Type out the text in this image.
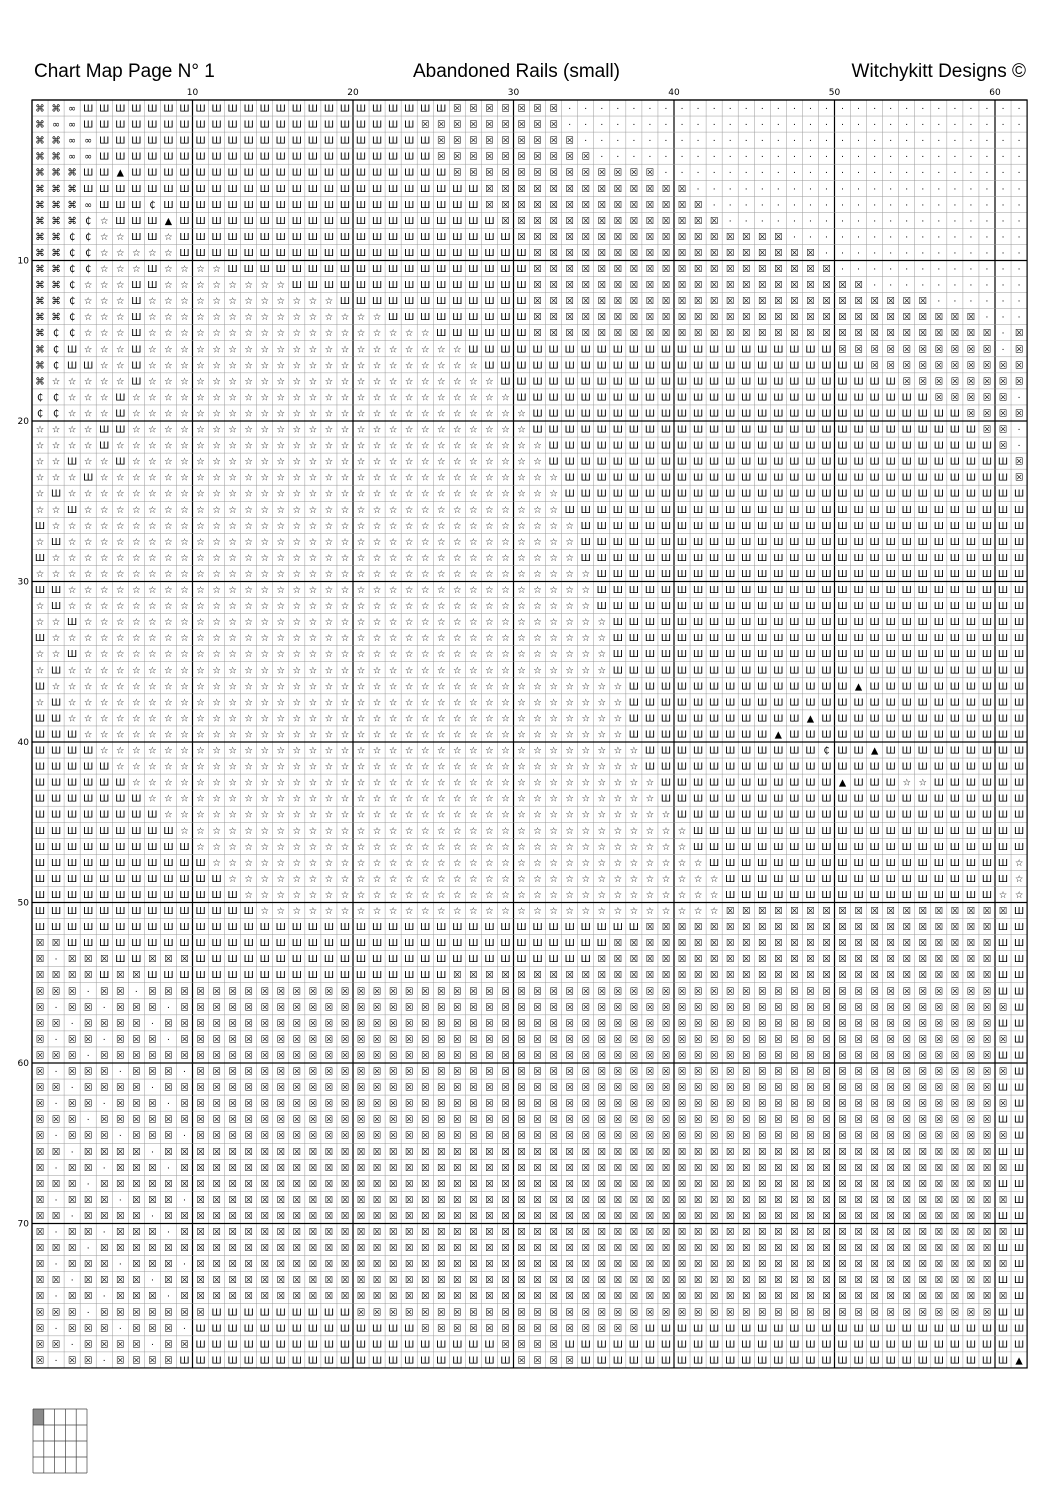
Chart Map Page N° 1	Abandoned Rails (small)	Witchykitt Designs ©
10	20	30	40	50	60
10
20
30
40
50
60
70
⌘ ⌘ ∞ Ш Ш Ш Ш Ш Ш Ш Ш Ш Ш Ш Ш Ш Ш Ш Ш Ш Ш Ш Ш Ш Ш Ш ☒ ☒ ☒ ☒ ☒ ☒ ☒ · · · · · · · · · · · · · · · · · · · · · · · · · · · · ·
⌘ ∞ ∞ Ш Ш Ш Ш Ш Ш Ш Ш Ш Ш Ш Ш Ш Ш Ш Ш Ш Ш Ш Ш Ш ☒ ☒ ☒ ☒ ☒ ☒ ☒ ☒ ☒ · · · · · · · · · · · · · · · · · · · · · · · · · · · · ·
⌘ ⌘ ∞ ∞ Ш Ш Ш Ш Ш Ш Ш Ш Ш Ш Ш Ш Ш Ш Ш Ш Ш Ш Ш Ш Ш ☒ ☒ ☒ ☒ ☒ ☒ ☒ ☒ ☒ · · · · · · · · · · · · · · · · · · · · · · · · · · · ·
⌘ ⌘ ∞ ∞ Ш Ш Ш Ш Ш Ш Ш Ш Ш Ш Ш Ш Ш Ш Ш Ш Ш Ш Ш Ш Ш ☒ ☒ ☒ ☒ ☒ ☒ ☒ ☒ ☒ ☒ · · · · · · · · · · · · · · · · · · · · · · · · · · ·
⌘ ⌘ ⌘ Ш Ш ▲ Ш Ш Ш Ш Ш Ш Ш Ш Ш Ш Ш Ш Ш Ш Ш Ш Ш Ш Ш Ш ☒ ☒ ☒ ☒ ☒ ☒ ☒ ☒ ☒ ☒ ☒ ☒ ☒ · · · · · · · · · · · · · · · · · · · · · · ·
⌘ ⌘ ⌘ Ш Ш Ш Ш Ш Ш Ш Ш Ш Ш Ш Ш Ш Ш Ш Ш Ш Ш Ш Ш Ш Ш Ш Ш Ш ☒ ☒ ☒ ☒ ☒ ☒ ☒ ☒ ☒ ☒ ☒ ☒ ☒ · · · · · · · · · · · · · · · · · · · · ·
⌘ ⌘ ⌘ ∞ Ш Ш Ш ₵ Ш Ш Ш Ш Ш Ш Ш Ш Ш Ш Ш Ш Ш Ш Ш Ш Ш Ш Ш Ш ☒ ☒ ☒ ☒ ☒ ☒ ☒ ☒ ☒ ☒ ☒ ☒ ☒ ☒ · · · · · · · · · · · · · · · · · · · ·
⌘ ⌘ ⌘ ₵ ☆ Ш Ш Ш ▲ Ш Ш Ш Ш Ш Ш Ш Ш Ш Ш Ш Ш Ш Ш Ш Ш Ш Ш Ш Ш ☒ ☒ ☒ ☒ ☒ ☒ ☒ ☒ ☒ ☒ ☒ ☒ ☒ ☒ · · · · · · · · · · · · · · · · · · ·
⌘ ⌘ ₵ ₵ ☆ ☆ Ш Ш ☆ Ш Ш Ш Ш Ш Ш Ш Ш Ш Ш Ш Ш Ш Ш Ш Ш Ш Ш Ш Ш Ш ☒ ☒ ☒ ☒ ☒ ☒ ☒ ☒ ☒ ☒ ☒ ☒ ☒ ☒ ☒ ☒ ☒ · · · · · · · · · · · · · · ·
⌘ ⌘ ₵ ₵ ☆ ☆ ☆ ☆ ☆ Ш Ш Ш Ш Ш Ш Ш Ш Ш Ш Ш Ш Ш Ш Ш Ш Ш Ш Ш Ш Ш Ш ☒ ☒ ☒ ☒ ☒ ☒ ☒ ☒ ☒ ☒ ☒ ☒ ☒ ☒ ☒ ☒ ☒ ☒ · · · · · · · · · · · · ·
⌘ ⌘ ₵ ₵ ☆ ☆ ☆ Ш ☆ ☆ ☆ ☆ Ш Ш Ш Ш Ш Ш Ш Ш Ш Ш Ш Ш Ш Ш Ш Ш Ш Ш Ш ☒ ☒ ☒ ☒ ☒ ☒ ☒ ☒ ☒ ☒ ☒ ☒ ☒ ☒ ☒ ☒ ☒ ☒ ☒ · · · · · · · · · · · ·
⌘ ⌘ ₵ ☆ ☆ ☆ Ш Ш ☆ ☆ ☆ ☆ ☆ ☆ ☆ ☆ Ш Ш Ш Ш Ш Ш Ш Ш Ш Ш Ш Ш Ш Ш Ш ☒ ☒ ☒ ☒ ☒ ☒ ☒ ☒ ☒ ☒ ☒ ☒ ☒ ☒ ☒ ☒ ☒ ☒ ☒ ☒ ☒ · · · · · · · · · ·
⌘ ⌘ ₵ ☆ ☆ ☆ Ш ☆ ☆ ☆ ☆ ☆ ☆ ☆ ☆ ☆ ☆ ☆ ☆ Ш Ш Ш Ш Ш Ш Ш Ш Ш Ш Ш Ш ☒ ☒ ☒ ☒ ☒ ☒ ☒ ☒ ☒ ☒ ☒ ☒ ☒ ☒ ☒ ☒ ☒ ☒ ☒ ☒ ☒ ☒ ☒ ☒ ☒ · · · · · ·
⌘ ⌘ ₵ ☆ ☆ ☆ Ш ☆ ☆ ☆ ☆ ☆ ☆ ☆ ☆ ☆ ☆ ☆ ☆ ☆ ☆ ☆ Ш Ш Ш Ш Ш Ш Ш Ш Ш ☒ ☒ ☒ ☒ ☒ ☒ ☒ ☒ ☒ ☒ ☒ ☒ ☒ ☒ ☒ ☒ ☒ ☒ ☒ ☒ ☒ ☒ ☒ ☒ ☒ ☒ ☒ ☒ · · ·
⌘ ₵ ₵ ☆ ☆ ☆ Ш ☆ ☆ ☆ ☆ ☆ ☆ ☆ ☆ ☆ ☆ ☆ ☆ ☆ ☆ ☆ ☆ ☆ ☆ Ш Ш Ш Ш Ш Ш ☒ ☒ ☒ ☒ ☒ ☒ ☒ ☒ ☒ ☒ ☒ ☒ ☒ ☒ ☒ ☒ ☒ ☒ ☒ ☒ ☒ ☒ ☒ ☒ ☒ ☒ ☒ ☒ ☒ · ☒
⌘ ₵ Ш ☆ ☆ ☆ Ш ☆ ☆ ☆ ☆ ☆ ☆ ☆ ☆ ☆ ☆ ☆ ☆ ☆ ☆ ☆ ☆ ☆ ☆ ☆ ☆ Ш Ш Ш Ш Ш Ш Ш Ш Ш Ш Ш Ш Ш Ш Ш Ш Ш Ш Ш Ш Ш Ш Ш ☒ ☒ ☒ ☒ ☒ ☒ ☒ ☒ ☒ ☒ · ☒
⌘ ₵ Ш Ш ☆ ☆ Ш ☆ ☆ ☆ ☆ ☆ ☆ ☆ ☆ ☆ ☆ ☆ ☆ ☆ ☆ ☆ ☆ ☆ ☆ ☆ ☆ ☆ Ш Ш Ш Ш Ш Ш Ш Ш Ш Ш Ш Ш Ш Ш Ш Ш Ш Ш Ш Ш Ш Ш Ш Ш ☒ ☒ ☒ ☒ ☒ ☒ ☒ ☒ ☒ ☒
⌘ ☆ ☆ ☆ ☆ ☆ Ш ☆ ☆ ☆ ☆ ☆ ☆ ☆ ☆ ☆ ☆ ☆ ☆ ☆ ☆ ☆ ☆ ☆ ☆ ☆ ☆ ☆ ☆ Ш Ш Ш Ш Ш Ш Ш Ш Ш Ш Ш Ш Ш Ш Ш Ш Ш Ш Ш Ш Ш Ш Ш Ш Ш ☒ ☒ ☒ ☒ ☒ ☒ ☒ ☒
₵ ₵ ☆ ☆ ☆ Ш ☆ ☆ ☆ ☆ ☆ ☆ ☆ ☆ ☆ ☆ ☆ ☆ ☆ ☆ ☆ ☆ ☆ ☆ ☆ ☆ ☆ ☆ ☆ ☆ Ш Ш Ш Ш Ш Ш Ш Ш Ш Ш Ш Ш Ш Ш Ш Ш Ш Ш Ш Ш Ш Ш Ш Ш Ш Ш ☒ ☒ ☒ ☒ ☒ ·
₵ ₵ ☆ ☆ ☆ Ш ☆ ☆ ☆ ☆ ☆ ☆ ☆ ☆ ☆ ☆ ☆ ☆ ☆ ☆ ☆ ☆ ☆ ☆ ☆ ☆ ☆ ☆ ☆ ☆ ☆ Ш Ш Ш Ш Ш Ш Ш Ш Ш Ш Ш Ш Ш Ш Ш Ш Ш Ш Ш Ш Ш Ш Ш Ш Ш Ш Ш ☒ ☒ ☒ ☒
☆ ☆ ☆ ☆ Ш Ш ☆ ☆ ☆ ☆ ☆ ☆ ☆ ☆ ☆ ☆ ☆ ☆ ☆ ☆ ☆ ☆ ☆ ☆ ☆ ☆ ☆ ☆ ☆ ☆ ☆ Ш Ш Ш Ш Ш Ш Ш Ш Ш Ш Ш Ш Ш Ш Ш Ш Ш Ш Ш Ш Ш Ш Ш Ш Ш Ш Ш Ш ☒ ☒ ·
☆ ☆ ☆ ☆ Ш ☆ ☆ ☆ ☆ ☆ ☆ ☆ ☆ ☆ ☆ ☆ ☆ ☆ ☆ ☆ ☆ ☆ ☆ ☆ ☆ ☆ ☆ ☆ ☆ ☆ ☆ ☆ Ш Ш Ш Ш Ш Ш Ш Ш Ш Ш Ш Ш Ш Ш Ш Ш Ш Ш Ш Ш Ш Ш Ш Ш Ш Ш Ш Ш ☒ ·
☆ ☆ Ш ☆ ☆ Ш ☆ ☆ ☆ ☆ ☆ ☆ ☆ ☆ ☆ ☆ ☆ ☆ ☆ ☆ ☆ ☆ ☆ ☆ ☆ ☆ ☆ ☆ ☆ ☆ ☆ ☆ Ш Ш Ш Ш Ш Ш Ш Ш Ш Ш Ш Ш Ш Ш Ш Ш Ш Ш Ш Ш Ш Ш Ш Ш Ш Ш Ш Ш Ш ☒
☆ ☆ ☆ Ш ☆ ☆ ☆ ☆ ☆ ☆ ☆ ☆ ☆ ☆ ☆ ☆ ☆ ☆ ☆ ☆ ☆ ☆ ☆ ☆ ☆ ☆ ☆ ☆ ☆ ☆ ☆ ☆ ☆ Ш Ш Ш Ш Ш Ш Ш Ш Ш Ш Ш Ш Ш Ш Ш Ш Ш Ш Ш Ш Ш Ш Ш Ш Ш Ш Ш Ш ☒
☆ Ш ☆ ☆ ☆ ☆ ☆ ☆ ☆ ☆ ☆ ☆ ☆ ☆ ☆ ☆ ☆ ☆ ☆ ☆ ☆ ☆ ☆ ☆ ☆ ☆ ☆ ☆ ☆ ☆ ☆ ☆ ☆ Ш Ш Ш Ш Ш Ш Ш Ш Ш Ш Ш Ш Ш Ш Ш Ш Ш Ш Ш Ш Ш Ш Ш Ш Ш Ш Ш Ш Ш
☆ ☆ Ш ☆ ☆ ☆ ☆ ☆ ☆ ☆ ☆ ☆ ☆ ☆ ☆ ☆ ☆ ☆ ☆ ☆ ☆ ☆ ☆ ☆ ☆ ☆ ☆ ☆ ☆ ☆ ☆ ☆ ☆ Ш Ш Ш Ш Ш Ш Ш Ш Ш Ш Ш Ш Ш Ш Ш Ш Ш Ш Ш Ш Ш Ш Ш Ш Ш Ш Ш Ш Ш
Ш ☆ ☆ ☆ ☆ ☆ ☆ ☆ ☆ ☆ ☆ ☆ ☆ ☆ ☆ ☆ ☆ ☆ ☆ ☆ ☆ ☆ ☆ ☆ ☆ ☆ ☆ ☆ ☆ ☆ ☆ ☆ ☆ ☆ Ш Ш Ш Ш Ш Ш Ш Ш Ш Ш Ш Ш Ш Ш Ш Ш Ш Ш Ш Ш Ш Ш Ш Ш Ш Ш Ш Ш
☆ Ш ☆ ☆ ☆ ☆ ☆ ☆ ☆ ☆ ☆ ☆ ☆ ☆ ☆ ☆ ☆ ☆ ☆ ☆ ☆ ☆ ☆ ☆ ☆ ☆ ☆ ☆ ☆ ☆ ☆ ☆ ☆ ☆ Ш Ш Ш Ш Ш Ш Ш Ш Ш Ш Ш Ш Ш Ш Ш Ш Ш Ш Ш Ш Ш Ш Ш Ш Ш Ш Ш Ш
Ш ☆ ☆ ☆ ☆ ☆ ☆ ☆ ☆ ☆ ☆ ☆ ☆ ☆ ☆ ☆ ☆ ☆ ☆ ☆ ☆ ☆ ☆ ☆ ☆ ☆ ☆ ☆ ☆ ☆ ☆ ☆ ☆ ☆ Ш Ш Ш Ш Ш Ш Ш Ш Ш Ш Ш Ш Ш Ш Ш Ш Ш Ш Ш Ш Ш Ш Ш Ш Ш Ш Ш Ш
☆ ☆ ☆ ☆ ☆ ☆ ☆ ☆ ☆ ☆ ☆ ☆ ☆ ☆ ☆ ☆ ☆ ☆ ☆ ☆ ☆ ☆ ☆ ☆ ☆ ☆ ☆ ☆ ☆ ☆ ☆ ☆ ☆ ☆ ☆ Ш Ш Ш Ш Ш Ш Ш Ш Ш Ш Ш Ш Ш Ш Ш Ш Ш Ш Ш Ш Ш Ш Ш Ш Ш Ш Ш
Ш Ш ☆ ☆ ☆ ☆ ☆ ☆ ☆ ☆ ☆ ☆ ☆ ☆ ☆ ☆ ☆ ☆ ☆ ☆ ☆ ☆ ☆ ☆ ☆ ☆ ☆ ☆ ☆ ☆ ☆ ☆ ☆ ☆ ☆ Ш Ш Ш Ш Ш Ш Ш Ш Ш Ш Ш Ш Ш Ш Ш Ш Ш Ш Ш Ш Ш Ш Ш Ш Ш Ш Ш
☆ Ш ☆ ☆ ☆ ☆ ☆ ☆ ☆ ☆ ☆ ☆ ☆ ☆ ☆ ☆ ☆ ☆ ☆ ☆ ☆ ☆ ☆ ☆ ☆ ☆ ☆ ☆ ☆ ☆ ☆ ☆ ☆ ☆ ☆ Ш Ш Ш Ш Ш Ш Ш Ш Ш Ш Ш Ш Ш Ш Ш Ш Ш Ш Ш Ш Ш Ш Ш Ш Ш Ш Ш
☆ ☆ Ш ☆ ☆ ☆ ☆ ☆ ☆ ☆ ☆ ☆ ☆ ☆ ☆ ☆ ☆ ☆ ☆ ☆ ☆ ☆ ☆ ☆ ☆ ☆ ☆ ☆ ☆ ☆ ☆ ☆ ☆ ☆ ☆ ☆ Ш Ш Ш Ш Ш Ш Ш Ш Ш Ш Ш Ш Ш Ш Ш Ш Ш Ш Ш Ш Ш Ш Ш Ш Ш Ш
Ш ☆ ☆ ☆ ☆ ☆ ☆ ☆ ☆ ☆ ☆ ☆ ☆ ☆ ☆ ☆ ☆ ☆ ☆ ☆ ☆ ☆ ☆ ☆ ☆ ☆ ☆ ☆ ☆ ☆ ☆ ☆ ☆ ☆ ☆ ☆ Ш Ш Ш Ш Ш Ш Ш Ш Ш Ш Ш Ш Ш Ш Ш Ш Ш Ш Ш Ш Ш Ш Ш Ш Ш Ш
☆ ☆ Ш ☆ ☆ ☆ ☆ ☆ ☆ ☆ ☆ ☆ ☆ ☆ ☆ ☆ ☆ ☆ ☆ ☆ ☆ ☆ ☆ ☆ ☆ ☆ ☆ ☆ ☆ ☆ ☆ ☆ ☆ ☆ ☆ ☆ Ш Ш Ш Ш Ш Ш Ш Ш Ш Ш Ш Ш Ш Ш Ш Ш Ш Ш Ш Ш Ш Ш Ш Ш Ш Ш
☆ Ш ☆ ☆ ☆ ☆ ☆ ☆ ☆ ☆ ☆ ☆ ☆ ☆ ☆ ☆ ☆ ☆ ☆ ☆ ☆ ☆ ☆ ☆ ☆ ☆ ☆ ☆ ☆ ☆ ☆ ☆ ☆ ☆ ☆ ☆ Ш Ш Ш Ш Ш Ш Ш Ш Ш Ш Ш Ш Ш Ш Ш Ш Ш Ш Ш Ш Ш Ш Ш Ш Ш Ш
Ш ☆ ☆ ☆ ☆ ☆ ☆ ☆ ☆ ☆ ☆ ☆ ☆ ☆ ☆ ☆ ☆ ☆ ☆ ☆ ☆ ☆ ☆ ☆ ☆ ☆ ☆ ☆ ☆ ☆ ☆ ☆ ☆ ☆ ☆ ☆ ☆ Ш Ш Ш Ш Ш Ш Ш Ш Ш Ш Ш Ш Ш Ш ▲ Ш Ш Ш Ш Ш Ш Ш Ш Ш Ш
☆ Ш ☆ ☆ ☆ ☆ ☆ ☆ ☆ ☆ ☆ ☆ ☆ ☆ ☆ ☆ ☆ ☆ ☆ ☆ ☆ ☆ ☆ ☆ ☆ ☆ ☆ ☆ ☆ ☆ ☆ ☆ ☆ ☆ ☆ ☆ ☆ Ш Ш Ш Ш Ш Ш Ш Ш Ш Ш Ш Ш Ш Ш Ш Ш Ш Ш Ш Ш Ш Ш Ш Ш Ш
Ш Ш ☆ ☆ ☆ ☆ ☆ ☆ ☆ ☆ ☆ ☆ ☆ ☆ ☆ ☆ ☆ ☆ ☆ ☆ ☆ ☆ ☆ ☆ ☆ ☆ ☆ ☆ ☆ ☆ ☆ ☆ ☆ ☆ ☆ ☆ ☆ Ш Ш Ш Ш Ш Ш Ш Ш Ш Ш Ш ▲ Ш Ш Ш Ш Ш Ш Ш Ш Ш Ш Ш Ш Ш
Ш Ш Ш ☆ ☆ ☆ ☆ ☆ ☆ ☆ ☆ ☆ ☆ ☆ ☆ ☆ ☆ ☆ ☆ ☆ ☆ ☆ ☆ ☆ ☆ ☆ ☆ ☆ ☆ ☆ ☆ ☆ ☆ ☆ ☆ ☆ ☆ Ш Ш Ш Ш Ш Ш Ш Ш Ш ▲ Ш Ш Ш Ш Ш Ш Ш Ш Ш Ш Ш Ш Ш Ш Ш
Ш Ш Ш Ш ☆ ☆ ☆ ☆ ☆ ☆ ☆ ☆ ☆ ☆ ☆ ☆ ☆ ☆ ☆ ☆ ☆ ☆ ☆ ☆ ☆ ☆ ☆ ☆ ☆ ☆ ☆ ☆ ☆ ☆ ☆ ☆ ☆ ☆ Ш Ш Ш Ш Ш Ш Ш Ш Ш Ш Ш ₵ Ш Ш ▲ Ш Ш Ш Ш Ш Ш Ш Ш Ш
Ш Ш Ш Ш Ш ☆ ☆ ☆ ☆ ☆ ☆ ☆ ☆ ☆ ☆ ☆ ☆ ☆ ☆ ☆ ☆ ☆ ☆ ☆ ☆ ☆ ☆ ☆ ☆ ☆ ☆ ☆ ☆ ☆ ☆ ☆ ☆ ☆ Ш Ш Ш Ш Ш Ш Ш Ш Ш Ш Ш Ш Ш Ш Ш Ш Ш Ш Ш Ш Ш Ш Ш Ш
Ш Ш Ш Ш Ш Ш ☆ ☆ ☆ ☆ ☆ ☆ ☆ ☆ ☆ ☆ ☆ ☆ ☆ ☆ ☆ ☆ ☆ ☆ ☆ ☆ ☆ ☆ ☆ ☆ ☆ ☆ ☆ ☆ ☆ ☆ ☆ ☆ ☆ Ш Ш Ш Ш Ш Ш Ш Ш Ш Ш Ш ▲ Ш Ш Ш ☆ ☆ Ш Ш Ш Ш Ш Ш
Ш Ш Ш Ш Ш Ш Ш ☆ ☆ ☆ ☆ ☆ ☆ ☆ ☆ ☆ ☆ ☆ ☆ ☆ ☆ ☆ ☆ ☆ ☆ ☆ ☆ ☆ ☆ ☆ ☆ ☆ ☆ ☆ ☆ ☆ ☆ ☆ ☆ Ш Ш Ш Ш Ш Ш Ш Ш Ш Ш Ш Ш Ш Ш Ш Ш Ш Ш Ш Ш Ш Ш Ш
Ш Ш Ш Ш Ш Ш Ш Ш ☆ ☆ ☆ ☆ ☆ ☆ ☆ ☆ ☆ ☆ ☆ ☆ ☆ ☆ ☆ ☆ ☆ ☆ ☆ ☆ ☆ ☆ ☆ ☆ ☆ ☆ ☆ ☆ ☆ ☆ ☆ ☆ Ш Ш Ш Ш Ш Ш Ш Ш Ш Ш Ш Ш Ш Ш Ш Ш Ш Ш Ш Ш Ш Ш
Ш Ш Ш Ш Ш Ш Ш Ш Ш ☆ ☆ ☆ ☆ ☆ ☆ ☆ ☆ ☆ ☆ ☆ ☆ ☆ ☆ ☆ ☆ ☆ ☆ ☆ ☆ ☆ ☆ ☆ ☆ ☆ ☆ ☆ ☆ ☆ ☆ ☆ ☆ Ш Ш Ш Ш Ш Ш Ш Ш Ш Ш Ш Ш Ш Ш Ш Ш Ш Ш Ш Ш Ш
Ш Ш Ш Ш Ш Ш Ш Ш Ш Ш ☆ ☆ ☆ ☆ ☆ ☆ ☆ ☆ ☆ ☆ ☆ ☆ ☆ ☆ ☆ ☆ ☆ ☆ ☆ ☆ ☆ ☆ ☆ ☆ ☆ ☆ ☆ ☆ ☆ ☆ ☆ Ш Ш Ш Ш Ш Ш Ш Ш Ш Ш Ш Ш Ш Ш Ш Ш Ш Ш Ш Ш Ш
Ш Ш Ш Ш Ш Ш Ш Ш Ш Ш Ш ☆ ☆ ☆ ☆ ☆ ☆ ☆ ☆ ☆ ☆ ☆ ☆ ☆ ☆ ☆ ☆ ☆ ☆ ☆ ☆ ☆ ☆ ☆ ☆ ☆ ☆ ☆ ☆ ☆ ☆ ☆ Ш Ш Ш Ш Ш Ш Ш Ш Ш Ш Ш Ш Ш Ш Ш Ш Ш Ш Ш ☆
Ш Ш Ш Ш Ш Ш Ш Ш Ш Ш Ш Ш ☆ ☆ ☆ ☆ ☆ ☆ ☆ ☆ ☆ ☆ ☆ ☆ ☆ ☆ ☆ ☆ ☆ ☆ ☆ ☆ ☆ ☆ ☆ ☆ ☆ ☆ ☆ ☆ ☆ ☆ ☆ Ш Ш Ш Ш Ш Ш Ш Ш Ш Ш Ш Ш Ш Ш Ш Ш Ш Ш ☆
Ш Ш Ш Ш Ш Ш Ш Ш Ш Ш Ш Ш Ш ☆ ☆ ☆ ☆ ☆ ☆ ☆ ☆ ☆ ☆ ☆ ☆ ☆ ☆ ☆ ☆ ☆ ☆ ☆ ☆ ☆ ☆ ☆ ☆ ☆ ☆ ☆ ☆ ☆ ☆ Ш Ш Ш Ш Ш Ш Ш Ш Ш Ш Ш Ш Ш Ш Ш Ш Ш ☆ ☆
Ш Ш Ш Ш Ш Ш Ш Ш Ш Ш Ш Ш Ш Ш ☆ ☆ ☆ ☆ ☆ ☆ ☆ ☆ ☆ ☆ ☆ ☆ ☆ ☆ ☆ ☆ ☆ ☆ ☆ ☆ ☆ ☆ ☆ ☆ ☆ ☆ ☆ ☆ ☆ ☒ ☒ ☒ ☒ ☒ ☒ ☒ ☒ ☒ ☒ ☒ ☒ ☒ ☒ ☒ ☒ ☒ ☒ Ш
Ш Ш Ш Ш Ш Ш Ш Ш Ш Ш Ш Ш Ш Ш Ш Ш Ш Ш Ш Ш Ш Ш Ш Ш Ш Ш Ш Ш Ш Ш Ш Ш Ш Ш Ш Ш Ш Ш ☒ ☒ ☒ ☒ ☒ ☒ ☒ ☒ ☒ ☒ ☒ ☒ ☒ ☒ ☒ ☒ ☒ ☒ ☒ ☒ ☒ ☒ Ш Ш
☒ ☒ Ш Ш Ш Ш Ш Ш Ш Ш Ш Ш Ш Ш Ш Ш Ш Ш Ш Ш Ш Ш Ш Ш Ш Ш Ш Ш Ш Ш Ш Ш Ш Ш Ш Ш ☒ ☒ ☒ ☒ ☒ ☒ ☒ ☒ ☒ ☒ ☒ ☒ ☒ ☒ ☒ ☒ ☒ ☒ ☒ ☒ ☒ ☒ ☒ ☒ Ш Ш
☒ · ☒ ☒ ☒ Ш Ш ☒ ☒ ☒ Ш Ш Ш Ш Ш Ш Ш Ш Ш Ш Ш Ш Ш Ш Ш Ш Ш Ш Ш Ш Ш Ш Ш Ш Ш ☒ ☒ ☒ ☒ ☒ ☒ ☒ ☒ ☒ ☒ ☒ ☒ ☒ ☒ ☒ ☒ ☒ ☒ ☒ ☒ ☒ ☒ ☒ ☒ ☒ Ш Ш
☒ ☒ ☒ ☒ Ш ☒ ☒ Ш Ш Ш Ш Ш Ш Ш Ш Ш Ш Ш Ш Ш Ш Ш Ш Ш Ш Ш ☒ ☒ ☒ ☒ ☒ ☒ ☒ ☒ ☒ ☒ ☒ ☒ ☒ ☒ ☒ ☒ ☒ ☒ ☒ ☒ ☒ ☒ ☒ ☒ ☒ ☒ ☒ ☒ ☒ ☒ ☒ ☒ ☒ ☒ Ш Ш
☒ ☒ ☒ · ☒ ☒ · ☒ ☒ ☒ ☒ ☒ ☒ ☒ ☒ ☒ ☒ ☒ ☒ ☒ ☒ ☒ ☒ ☒ ☒ ☒ ☒ ☒ ☒ ☒ ☒ ☒ ☒ ☒ ☒ ☒ ☒ ☒ ☒ ☒ ☒ ☒ ☒ ☒ ☒ ☒ ☒ ☒ ☒ ☒ ☒ ☒ ☒ ☒ ☒ ☒ ☒ ☒ ☒ ☒ Ш Ш
☒ · ☒ ☒ · ☒ ☒ ☒ · ☒ ☒ ☒ ☒ ☒ ☒ ☒ ☒ ☒ ☒ ☒ ☒ ☒ ☒ ☒ ☒ ☒ ☒ ☒ ☒ ☒ ☒ ☒ ☒ ☒ ☒ ☒ ☒ ☒ ☒ ☒ ☒ ☒ ☒ ☒ ☒ ☒ ☒ ☒ ☒ ☒ ☒ ☒ ☒ ☒ ☒ ☒ ☒ ☒ ☒ ☒ ☒ Ш
☒ ☒ · ☒ ☒ ☒ ☒ · ☒ ☒ ☒ ☒ ☒ ☒ ☒ ☒ ☒ ☒ ☒ ☒ ☒ ☒ ☒ ☒ ☒ ☒ ☒ ☒ ☒ ☒ ☒ ☒ ☒ ☒ ☒ ☒ ☒ ☒ ☒ ☒ ☒ ☒ ☒ ☒ ☒ ☒ ☒ ☒ ☒ ☒ ☒ ☒ ☒ ☒ ☒ ☒ ☒ ☒ ☒ ☒ Ш Ш
☒ · ☒ ☒ · ☒ ☒ ☒ · ☒ ☒ ☒ ☒ ☒ ☒ ☒ ☒ ☒ ☒ ☒ ☒ ☒ ☒ ☒ ☒ ☒ ☒ ☒ ☒ ☒ ☒ ☒ ☒ ☒ ☒ ☒ ☒ ☒ ☒ ☒ ☒ ☒ ☒ ☒ ☒ ☒ ☒ ☒ ☒ ☒ ☒ ☒ ☒ ☒ ☒ ☒ ☒ ☒ ☒ ☒ ☒ Ш
☒ ☒ ☒ · ☒ ☒ ☒ ☒ ☒ ☒ ☒ ☒ ☒ ☒ ☒ ☒ ☒ ☒ ☒ ☒ ☒ ☒ ☒ ☒ ☒ ☒ ☒ ☒ ☒ ☒ ☒ ☒ ☒ ☒ ☒ ☒ ☒ ☒ ☒ ☒ ☒ ☒ ☒ ☒ ☒ ☒ ☒ ☒ ☒ ☒ ☒ ☒ ☒ ☒ ☒ ☒ ☒ ☒ ☒ ☒ Ш Ш
☒ · ☒ ☒ ☒ · ☒ ☒ ☒ · ☒ ☒ ☒ ☒ ☒ ☒ ☒ ☒ ☒ ☒ ☒ ☒ ☒ ☒ ☒ ☒ ☒ ☒ ☒ ☒ ☒ ☒ ☒ ☒ ☒ ☒ ☒ ☒ ☒ ☒ ☒ ☒ ☒ ☒ ☒ ☒ ☒ ☒ ☒ ☒ ☒ ☒ ☒ ☒ ☒ ☒ ☒ ☒ ☒ ☒ ☒ Ш
☒ ☒ · ☒ ☒ ☒ ☒ · ☒ ☒ ☒ ☒ ☒ ☒ ☒ ☒ ☒ ☒ ☒ ☒ ☒ ☒ ☒ ☒ ☒ ☒ ☒ ☒ ☒ ☒ ☒ ☒ ☒ ☒ ☒ ☒ ☒ ☒ ☒ ☒ ☒ ☒ ☒ ☒ ☒ ☒ ☒ ☒ ☒ ☒ ☒ ☒ ☒ ☒ ☒ ☒ ☒ ☒ ☒ ☒ Ш Ш
☒ · ☒ ☒ · ☒ ☒ ☒ · ☒ ☒ ☒ ☒ ☒ ☒ ☒ ☒ ☒ ☒ ☒ ☒ ☒ ☒ ☒ ☒ ☒ ☒ ☒ ☒ ☒ ☒ ☒ ☒ ☒ ☒ ☒ ☒ ☒ ☒ ☒ ☒ ☒ ☒ ☒ ☒ ☒ ☒ ☒ ☒ ☒ ☒ ☒ ☒ ☒ ☒ ☒ ☒ ☒ ☒ ☒ ☒ Ш
☒ ☒ ☒ · ☒ ☒ ☒ ☒ ☒ ☒ ☒ ☒ ☒ ☒ ☒ ☒ ☒ ☒ ☒ ☒ ☒ ☒ ☒ ☒ ☒ ☒ ☒ ☒ ☒ ☒ ☒ ☒ ☒ ☒ ☒ ☒ ☒ ☒ ☒ ☒ ☒ ☒ ☒ ☒ ☒ ☒ ☒ ☒ ☒ ☒ ☒ ☒ ☒ ☒ ☒ ☒ ☒ ☒ ☒ ☒ Ш Ш
☒ · ☒ ☒ ☒ · ☒ ☒ ☒ · ☒ ☒ ☒ ☒ ☒ ☒ ☒ ☒ ☒ ☒ ☒ ☒ ☒ ☒ ☒ ☒ ☒ ☒ ☒ ☒ ☒ ☒ ☒ ☒ ☒ ☒ ☒ ☒ ☒ ☒ ☒ ☒ ☒ ☒ ☒ ☒ ☒ ☒ ☒ ☒ ☒ ☒ ☒ ☒ ☒ ☒ ☒ ☒ ☒ ☒ ☒ Ш
☒ ☒ · ☒ ☒ ☒ ☒ · ☒ ☒ ☒ ☒ ☒ ☒ ☒ ☒ ☒ ☒ ☒ ☒ ☒ ☒ ☒ ☒ ☒ ☒ ☒ ☒ ☒ ☒ ☒ ☒ ☒ ☒ ☒ ☒ ☒ ☒ ☒ ☒ ☒ ☒ ☒ ☒ ☒ ☒ ☒ ☒ ☒ ☒ ☒ ☒ ☒ ☒ ☒ ☒ ☒ ☒ ☒ ☒ Ш Ш
☒ · ☒ ☒ · ☒ ☒ ☒ · ☒ ☒ ☒ ☒ ☒ ☒ ☒ ☒ ☒ ☒ ☒ ☒ ☒ ☒ ☒ ☒ ☒ ☒ ☒ ☒ ☒ ☒ ☒ ☒ ☒ ☒ ☒ ☒ ☒ ☒ ☒ ☒ ☒ ☒ ☒ ☒ ☒ ☒ ☒ ☒ ☒ ☒ ☒ ☒ ☒ ☒ ☒ ☒ ☒ ☒ ☒ ☒ Ш
☒ ☒ ☒ · ☒ ☒ ☒ ☒ ☒ ☒ ☒ ☒ ☒ ☒ ☒ ☒ ☒ ☒ ☒ ☒ ☒ ☒ ☒ ☒ ☒ ☒ ☒ ☒ ☒ ☒ ☒ ☒ ☒ ☒ ☒ ☒ ☒ ☒ ☒ ☒ ☒ ☒ ☒ ☒ ☒ ☒ ☒ ☒ ☒ ☒ ☒ ☒ ☒ ☒ ☒ ☒ ☒ ☒ ☒ ☒ Ш Ш
☒ · ☒ ☒ ☒ · ☒ ☒ ☒ · ☒ ☒ ☒ ☒ ☒ ☒ ☒ ☒ ☒ ☒ ☒ ☒ ☒ ☒ ☒ ☒ ☒ ☒ ☒ ☒ ☒ ☒ ☒ ☒ ☒ ☒ ☒ ☒ ☒ ☒ ☒ ☒ ☒ ☒ ☒ ☒ ☒ ☒ ☒ ☒ ☒ ☒ ☒ ☒ ☒ ☒ ☒ ☒ ☒ ☒ ☒ Ш
☒ ☒ · ☒ ☒ ☒ ☒ · ☒ ☒ ☒ ☒ ☒ ☒ ☒ ☒ ☒ ☒ ☒ ☒ ☒ ☒ ☒ ☒ ☒ ☒ ☒ ☒ ☒ ☒ ☒ ☒ ☒ ☒ ☒ ☒ ☒ ☒ ☒ ☒ ☒ ☒ ☒ ☒ ☒ ☒ ☒ ☒ ☒ ☒ ☒ ☒ ☒ ☒ ☒ ☒ ☒ ☒ ☒ ☒ Ш Ш
☒ · ☒ ☒ · ☒ ☒ ☒ · ☒ ☒ ☒ ☒ ☒ ☒ ☒ ☒ ☒ ☒ ☒ ☒ ☒ ☒ ☒ ☒ ☒ ☒ ☒ ☒ ☒ ☒ ☒ ☒ ☒ ☒ ☒ ☒ ☒ ☒ ☒ ☒ ☒ ☒ ☒ ☒ ☒ ☒ ☒ ☒ ☒ ☒ ☒ ☒ ☒ ☒ ☒ ☒ ☒ ☒ ☒ ☒ Ш
☒ ☒ ☒ · ☒ ☒ ☒ ☒ ☒ ☒ ☒ ☒ ☒ ☒ ☒ ☒ ☒ ☒ ☒ ☒ ☒ ☒ ☒ ☒ ☒ ☒ ☒ ☒ ☒ ☒ ☒ ☒ ☒ ☒ ☒ ☒ ☒ ☒ ☒ ☒ ☒ ☒ ☒ ☒ ☒ ☒ ☒ ☒ ☒ ☒ ☒ ☒ ☒ ☒ ☒ ☒ ☒ ☒ ☒ ☒ Ш Ш
☒ · ☒ ☒ ☒ · ☒ ☒ ☒ · ☒ ☒ ☒ ☒ ☒ ☒ ☒ ☒ ☒ ☒ ☒ ☒ ☒ ☒ ☒ ☒ ☒ ☒ ☒ ☒ ☒ ☒ ☒ ☒ ☒ ☒ ☒ ☒ ☒ ☒ ☒ ☒ ☒ ☒ ☒ ☒ ☒ ☒ ☒ ☒ ☒ ☒ ☒ ☒ ☒ ☒ ☒ ☒ ☒ ☒ ☒ Ш
☒ ☒ · ☒ ☒ ☒ ☒ · ☒ ☒ ☒ ☒ ☒ ☒ ☒ ☒ ☒ ☒ ☒ ☒ ☒ ☒ ☒ ☒ ☒ ☒ ☒ ☒ ☒ ☒ ☒ ☒ ☒ ☒ ☒ ☒ ☒ ☒ ☒ ☒ ☒ ☒ ☒ ☒ ☒ ☒ ☒ ☒ ☒ ☒ ☒ ☒ ☒ ☒ ☒ ☒ ☒ ☒ ☒ ☒ Ш Ш
☒ · ☒ ☒ · ☒ ☒ ☒ · ☒ ☒ ☒ ☒ ☒ ☒ ☒ ☒ ☒ ☒ ☒ ☒ ☒ ☒ ☒ ☒ ☒ ☒ ☒ ☒ ☒ ☒ ☒ ☒ ☒ ☒ ☒ ☒ ☒ ☒ ☒ ☒ ☒ ☒ ☒ ☒ ☒ ☒ ☒ ☒ ☒ ☒ ☒ ☒ ☒ ☒ ☒ ☒ ☒ ☒ ☒ ☒ Ш
☒ ☒ ☒ · ☒ ☒ ☒ ☒ ☒ ☒ ☒ Ш Ш Ш Ш Ш Ш Ш Ш Ш ☒ ☒ ☒ ☒ ☒ ☒ ☒ ☒ ☒ ☒ ☒ ☒ ☒ ☒ ☒ ☒ ☒ ☒ ☒ ☒ ☒ ☒ ☒ ☒ ☒ ☒ ☒ ☒ ☒ ☒ ☒ ☒ ☒ ☒ ☒ ☒ ☒ ☒ ☒ ☒ Ш Ш
☒ · ☒ ☒ ☒ · ☒ ☒ ☒ · Ш Ш Ш Ш Ш Ш Ш Ш Ш Ш Ш Ш Ш Ш ☒ ☒ ☒ ☒ ☒ ☒ ☒ ☒ ☒ ☒ ☒ ☒ ☒ ☒ Ш Ш Ш Ш Ш Ш Ш Ш Ш Ш Ш Ш Ш Ш Ш Ш Ш Ш Ш Ш Ш Ш Ш Ш
☒ ☒ · ☒ ☒ ☒ ☒ · ☒ ☒ Ш Ш Ш Ш Ш Ш Ш Ш Ш Ш Ш Ш Ш Ш Ш Ш Ш Ш Ш ☒ ☒ ☒ ☒ Ш Ш Ш Ш Ш Ш Ш Ш Ш Ш Ш Ш Ш Ш Ш Ш Ш Ш Ш Ш Ш Ш Ш Ш Ш Ш Ш Ш Ш
☒ · ☒ ☒ · ☒ ☒ ☒ ☒ Ш Ш Ш Ш Ш Ш Ш Ш Ш Ш Ш Ш Ш Ш Ш Ш Ш Ш Ш Ш Ш ☒ ☒ ☒ ☒ Ш Ш Ш Ш Ш Ш Ш Ш Ш Ш Ш Ш Ш Ш Ш Ш Ш Ш Ш Ш Ш Ш Ш Ш Ш Ш Ш ▲
